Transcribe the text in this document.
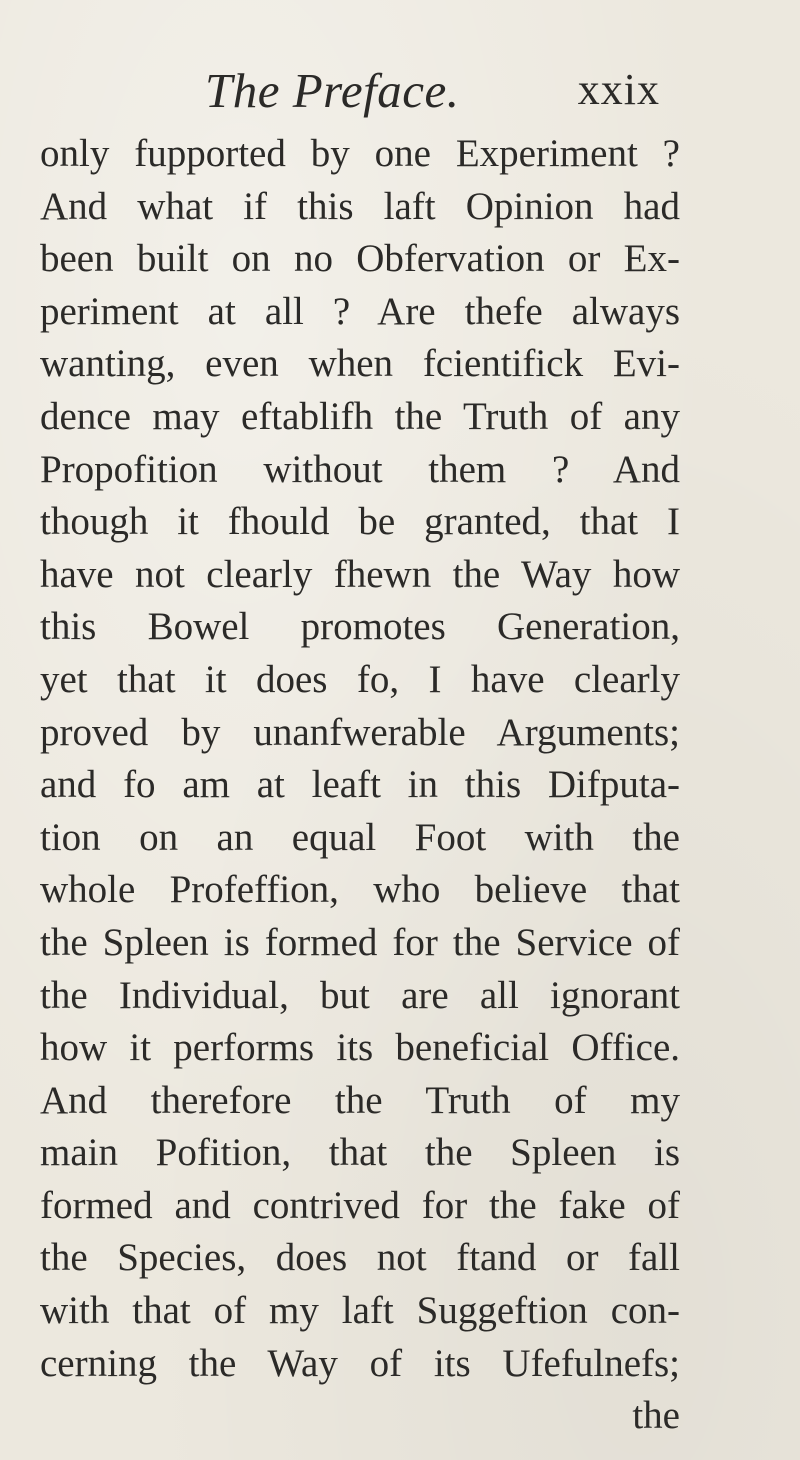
The Preface.	xxix
only fupported by one Experiment ?
And what if this laft Opinion had
been built on no Obfervation or Ex-
periment at all ? Are thefe always
wanting, even when fcientifick Evi-
dence may eftablifh the Truth of any
Propofition without them ? And
though it fhould be granted, that I
have not clearly fhewn the Way how
this Bowel promotes Generation,
yet that it does fo, I have clearly
proved by unanfwerable Arguments;
and fo am at leaft in this Difputa-
tion on an equal Foot with the
whole Profeffion, who believe that
the Spleen is formed for the Service of
the Individual, but are all ignorant
how it performs its beneficial Office.
And therefore the Truth of my
main Pofition, that the Spleen is
formed and contrived for the fake of
the Species, does not ftand or fall
with that of my laft Suggeftion con-
cerning the Way of its Ufefulnefs;
the
